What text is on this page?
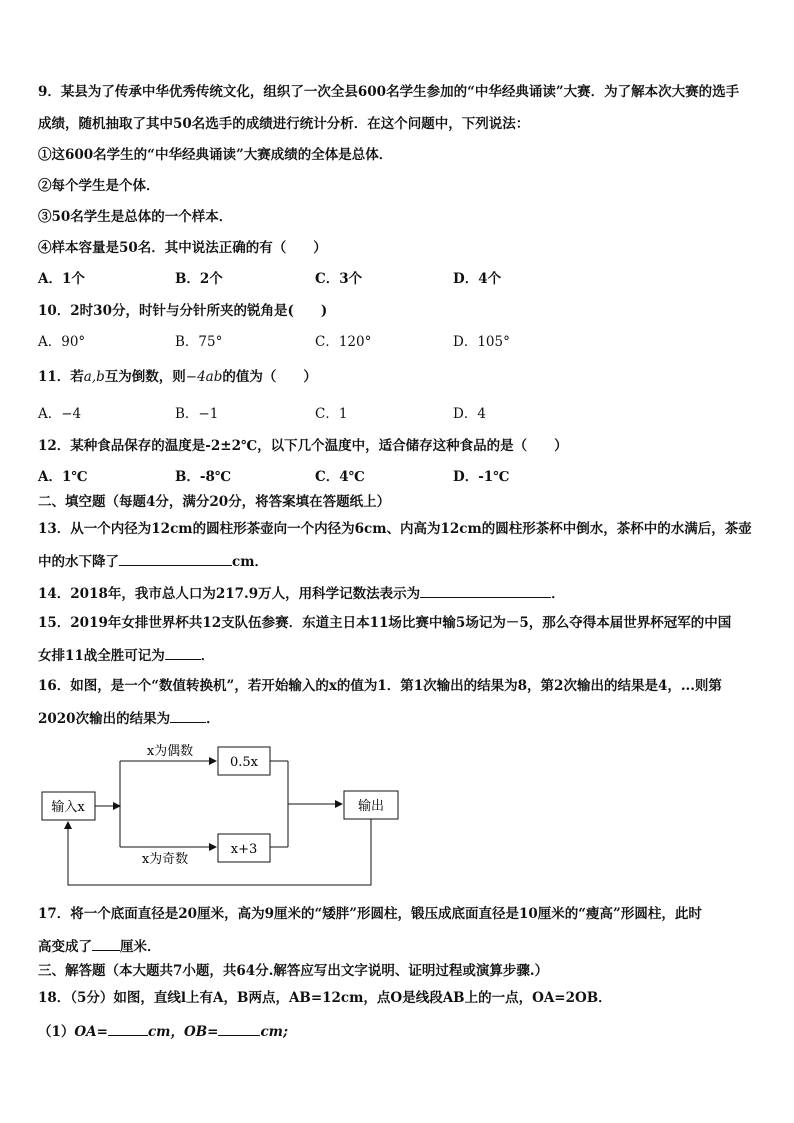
9．某县为了传承中华优秀传统文化，组织了一次全县600名学生参加的“中华经典诵读”大赛．为了解本次大赛的选手
成绩，随机抽取了其中50名选手的成绩进行统计分析．在这个问题中，下列说法：
①这600名学生的“中华经典诵读”大赛成绩的全体是总体．
②每个学生是个体．
③50名学生是总体的一个样本．
④样本容量是50名．其中说法正确的有（　　）
A．1个	B．2个	C．3个	D．4个
10．2时30分，时针与分针所夹的锐角是(　　)
A．90°	B．75°	C．120°	D．105°
11．若a,b互为倒数，则−4ab的值为（　　）
A．−4	B．−1	C．1	D．4
12．某种食品保存的温度是-2±2℃，以下几个温度中，适合储存这种食品的是（　　）
A．1℃	B．-8℃	C．4℃	D．-1℃
二、填空题（每题4分，满分20分，将答案填在答题纸上）
13．从一个内径为12cm的圆柱形茶壶向一个内径为6cm、内高为12cm的圆柱形茶杯中倒水，茶杯中的水满后，茶壶
中的水下降了	cm．
14．2018年，我市总人口为217.9万人，用科学记数法表示为	．
15．2019年女排世界杯共12支队伍参赛．东道主日本11场比赛中输5场记为－5，那么夺得本届世界杯冠军的中国
女排11战全胜可记为	．
16．如图，是一个“数值转换机”，若开始输入的x的值为1．第1次输出的结果为8，第2次输出的结果是4，...则第
2020次输出的结果为	．
输入x
x为偶数
0.5x
x为奇数
x+3
输出
17．将一个底面直径是20厘米，高为9厘米的“矮胖”形圆柱，锻压成底面直径是10厘米的“瘦高”形圆柱，此时
高变成了 厘米．
三、解答题（本大题共7小题，共64分.解答应写出文字说明、证明过程或演算步骤.）
18．（5分）如图，直线l上有A，B两点，AB=12cm，点O是线段AB上的一点，OA=2OB．
（1）OA=	cm，OB=	cm;
